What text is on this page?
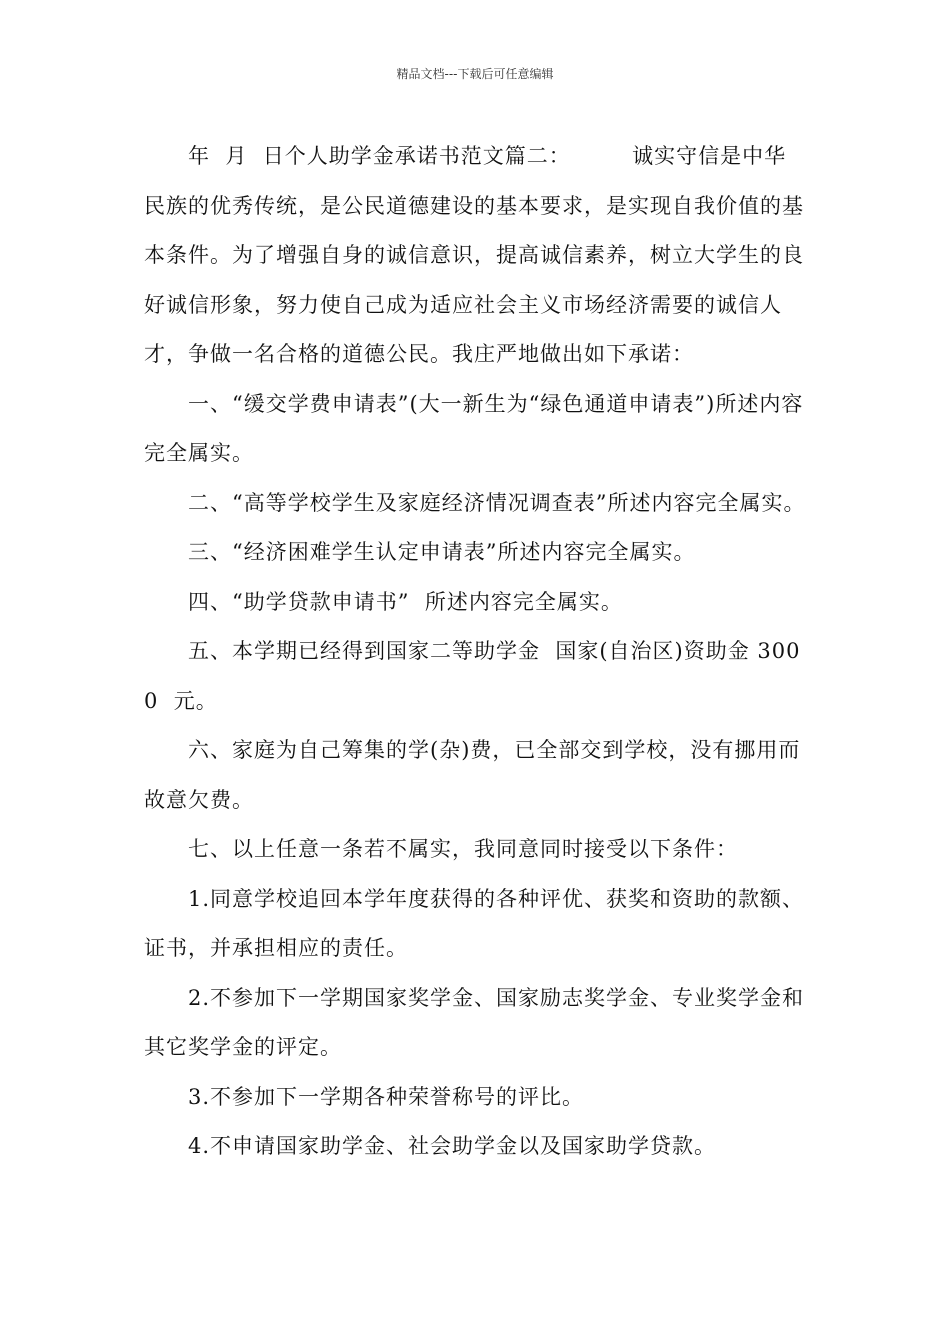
精品文档---下载后可任意编辑

年  月  日个人助学金承诺书范文篇二：        诚实守信是中华民族的优秀传统，是公民道德建设的基本要求，是实现自我价值的基本条件。为了增强自身的诚信意识，提高诚信素养，树立大学生的良好诚信形象，努力使自己成为适应社会主义市场经济需要的诚信人才，争做一名合格的道德公民。我庄严地做出如下承诺：

一、“缓交学费申请表”(大一新生为“绿色通道申请表”)所述内容完全属实。

二、“高等学校学生及家庭经济情况调查表”所述内容完全属实。

三、“经济困难学生认定申请表”所述内容完全属实。

四、“助学贷款申请书”  所述内容完全属实。

五、本学期已经得到国家二等助学金  国家(自治区)资助金 3000  元。

六、家庭为自己筹集的学(杂)费，已全部交到学校，没有挪用而故意欠费。

七、以上任意一条若不属实，我同意同时接受以下条件：

1.同意学校追回本学年度获得的各种评优、获奖和资助的款额、证书，并承担相应的责任。

2.不参加下一学期国家奖学金、国家励志奖学金、专业奖学金和其它奖学金的评定。

3.不参加下一学期各种荣誉称号的评比。

4.不申请国家助学金、社会助学金以及国家助学贷款。
